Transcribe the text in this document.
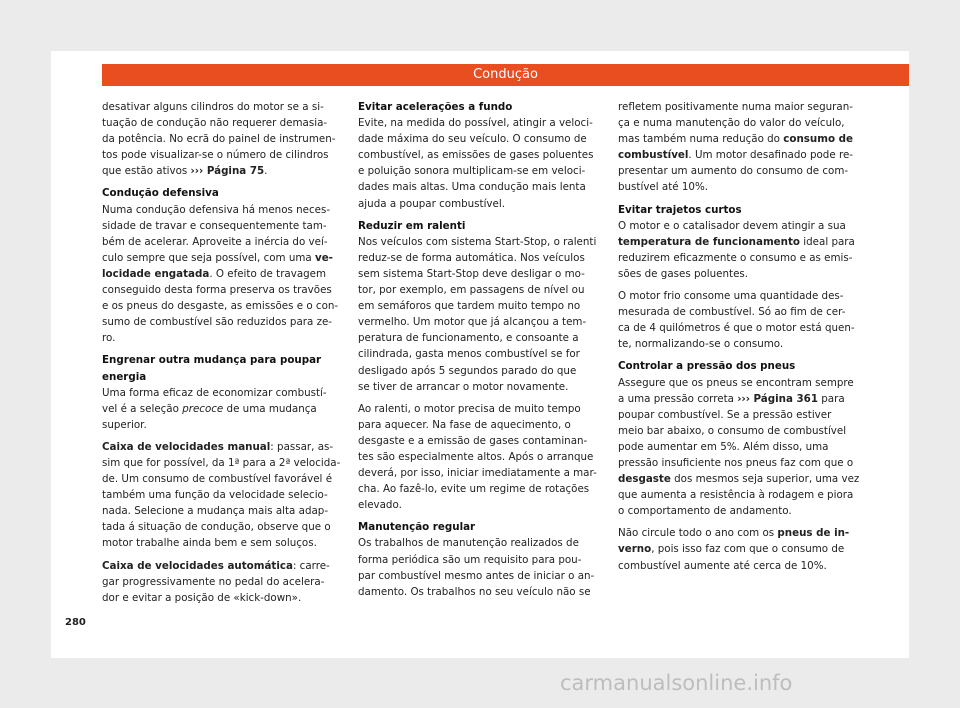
Condução

desativar alguns cilindros do motor se a si-
tuação de condução não requerer demasia-
da potência. No ecrã do painel de instrumen-
tos pode visualizar-se o número de cilindros
que estão ativos ››› Página 75.

Condução defensiva

Numa condução defensiva há menos neces-
sidade de travar e consequentemente tam-
bém de acelerar. Aproveite a inércia do veí-
culo sempre que seja possível, com uma ve-
locidade engatada. O efeito de travagem
conseguido desta forma preserva os travões
e os pneus do desgaste, as emissões e o con-
sumo de combustível são reduzidos para ze-
ro.

Engrenar outra mudança para poupar
energia

Uma forma eficaz de economizar combustí-
vel é a seleção precoce de uma mudança
superior.

Caixa de velocidades manual: passar, as-
sim que for possível, da 1ª para a 2ª velocida-
de. Um consumo de combustível favorável é
também uma função da velocidade selecio-
nada. Selecione a mudança mais alta adap-
tada á situação de condução, observe que o
motor trabalhe ainda bem e sem soluços.

Caixa de velocidades automática: carre-
gar progressivamente no pedal do acelera-
dor e evitar a posição de «kick-down».

Evitar acelerações a fundo

Evite, na medida do possível, atingir a veloci-
dade máxima do seu veículo. O consumo de
combustível, as emissões de gases poluentes
e poluição sonora multiplicam-se em veloci-
dades mais altas. Uma condução mais lenta
ajuda a poupar combustível.

Reduzir em ralenti

Nos veículos com sistema Start-Stop, o ralenti
reduz-se de forma automática. Nos veículos
sem sistema Start-Stop deve desligar o mo-
tor, por exemplo, em passagens de nível ou
em semáforos que tardem muito tempo no
vermelho. Um motor que já alcançou a tem-
peratura de funcionamento, e consoante a
cilindrada, gasta menos combustível se for
desligado após 5 segundos parado do que
se tiver de arrancar o motor novamente.

Ao ralenti, o motor precisa de muito tempo
para aquecer. Na fase de aquecimento, o
desgaste e a emissão de gases contaminan-
tes são especialmente altos. Após o arranque
deverá, por isso, iniciar imediatamente a mar-
cha. Ao fazê-lo, evite um regime de rotações
elevado.

Manutenção regular

Os trabalhos de manutenção realizados de
forma periódica são um requisito para pou-
par combustível mesmo antes de iniciar o an-
damento. Os trabalhos no seu veículo não se

refletem positivamente numa maior seguran-
ça e numa manutenção do valor do veículo,
mas também numa redução do consumo de
combustível. Um motor desafinado pode re-
presentar um aumento do consumo de com-
bustível até 10%.

Evitar trajetos curtos

O motor e o catalisador devem atingir a sua
temperatura de funcionamento ideal para
reduzirem eficazmente o consumo e as emis-
sões de gases poluentes.

O motor frio consome uma quantidade des-
mesurada de combustível. Só ao fim de cer-
ca de 4 quilómetros é que o motor está quen-
te, normalizando-se o consumo.

Controlar a pressão dos pneus

Assegure que os pneus se encontram sempre
a uma pressão correta ››› Página 361 para
poupar combustível. Se a pressão estiver
meio bar abaixo, o consumo de combustível
pode aumentar em 5%. Além disso, uma
pressão insuficiente nos pneus faz com que o
desgaste dos mesmos seja superior, uma vez
que aumenta a resistência à rodagem e piora
o comportamento de andamento.

Não circule todo o ano com os pneus de in-
verno, pois isso faz com que o consumo de
combustível aumente até cerca de 10%.

280
carmanualsonline.info
